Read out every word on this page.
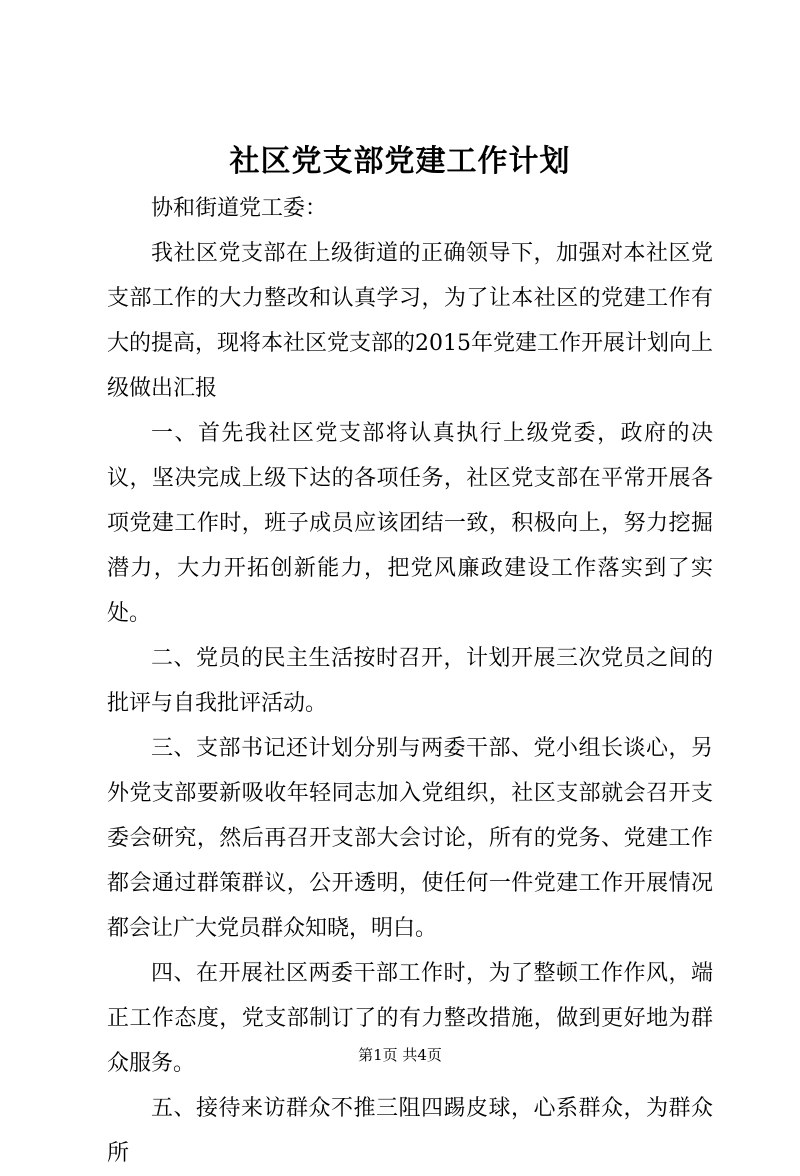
社区党支部党建工作计划

协和街道党工委：

我社区党支部在上级街道的正确领导下，加强对本社区党支部工作的大力整改和认真学习，为了让本社区的党建工作有大的提高，现将本社区党支部的2015年党建工作开展计划向上级做出汇报

一、首先我社区党支部将认真执行上级党委，政府的决议，坚决完成上级下达的各项任务，社区党支部在平常开展各项党建工作时，班子成员应该团结一致，积极向上，努力挖掘潜力，大力开拓创新能力，把党风廉政建设工作落实到了实处。

二、党员的民主生活按时召开，计划开展三次党员之间的批评与自我批评活动。

三、支部书记还计划分别与两委干部、党小组长谈心，另外党支部要新吸收年轻同志加入党组织，社区支部就会召开支委会研究，然后再召开支部大会讨论，所有的党务、党建工作都会通过群策群议，公开透明，使任何一件党建工作开展情况都会让广大党员群众知晓，明白。

四、在开展社区两委干部工作时，为了整顿工作作风，端正工作态度，党支部制订了的有力整改措施，做到更好地为群众服务。

五、接待来访群众不推三阻四踢皮球，心系群众，为群众所

第1页 共4页
